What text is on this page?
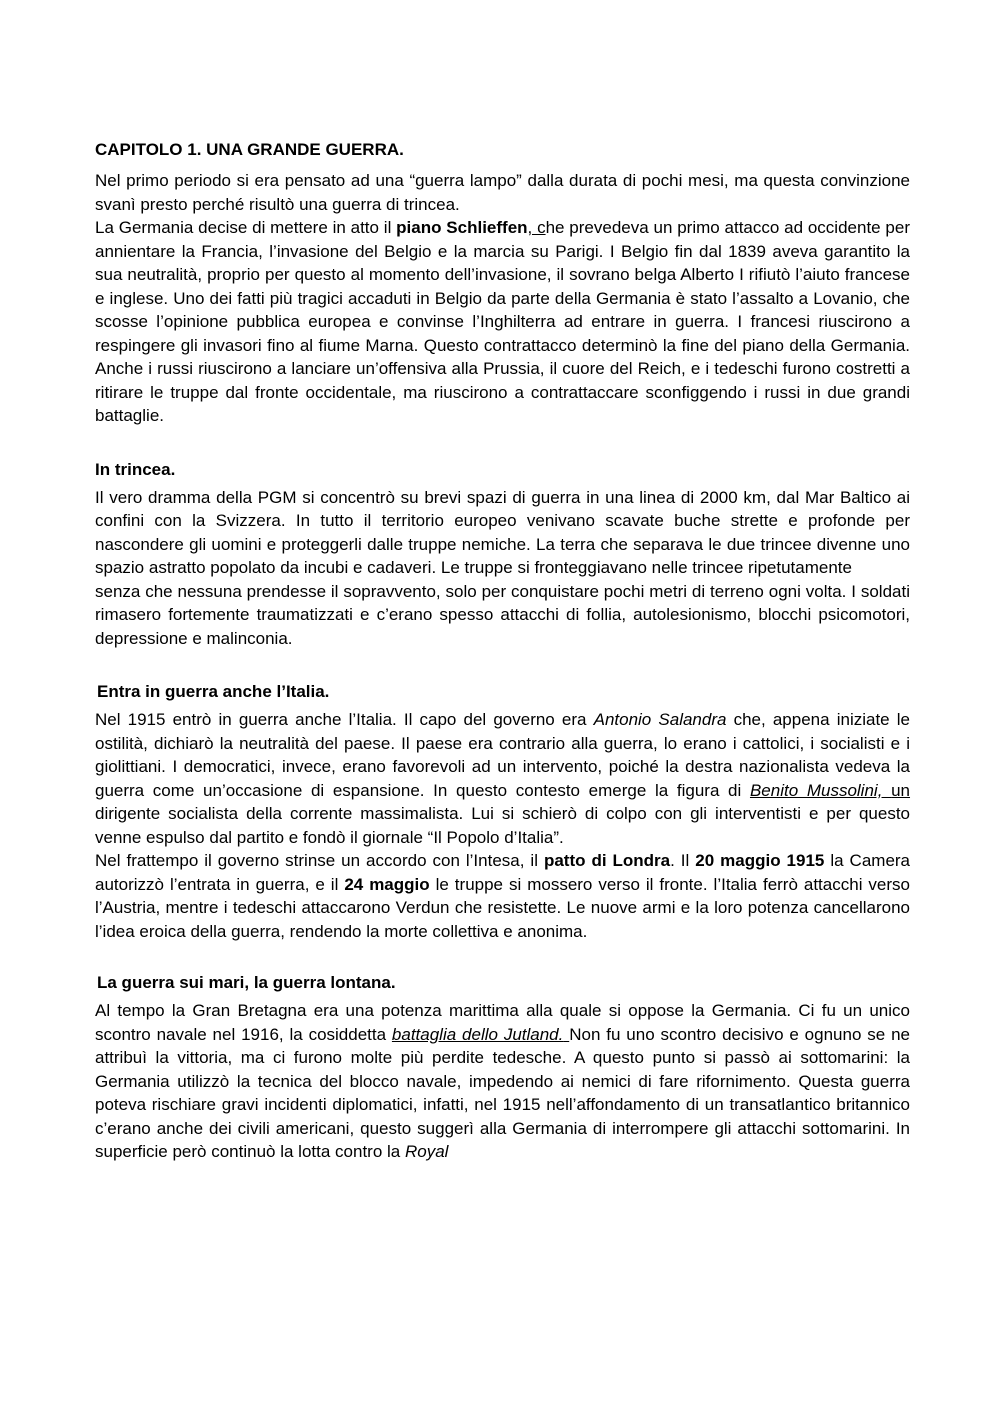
CAPITOLO 1. UNA GRANDE GUERRA.

Nel primo periodo si era pensato ad una “guerra lampo” dalla durata di pochi mesi, ma questa convinzione svanì presto perché risultò una guerra di trincea.

La Germania decise di mettere in atto il piano Schlieffen, che prevedeva un primo attacco ad occidente per annientare la Francia, l’invasione del Belgio e la marcia su Parigi. I Belgio fin dal 1839 aveva garantito la sua neutralità, proprio per questo al momento dell’invasione, il sovrano belga Alberto I rifiutò l’aiuto francese e inglese. Uno dei fatti più tragici accaduti in Belgio da parte della Germania è stato l’assalto a Lovanio, che scosse l’opinione pubblica europea e convinse l’Inghilterra ad entrare in guerra. I francesi riuscirono a respingere gli invasori fino al fiume Marna. Questo contrattacco determinò la fine del piano della Germania. Anche i russi riuscirono a lanciare un’offensiva alla Prussia, il cuore del Reich, e i tedeschi furono costretti a ritirare le truppe dal fronte occidentale, ma riuscirono a contrattaccare sconfiggendo i russi in due grandi battaglie.

In trincea.

Il vero dramma della PGM si concentrò su brevi spazi di guerra in una linea di 2000 km, dal Mar Baltico ai confini con la Svizzera. In tutto il territorio europeo venivano scavate buche strette e profonde per nascondere gli uomini e proteggerli dalle truppe nemiche. La terra che separava le due trincee divenne uno spazio astratto popolato da incubi e cadaveri. Le truppe si fronteggiavano nelle trincee ripetutamente

senza che nessuna prendesse il sopravvento, solo per conquistare pochi metri di terreno ogni volta. I soldati rimasero fortemente traumatizzati e c’erano spesso attacchi di follia, autolesionismo, blocchi psicomotori, depressione e malinconia.

Entra in guerra anche l’Italia.

Nel 1915 entrò in guerra anche l’Italia. Il capo del governo era Antonio Salandra che, appena iniziate le ostilità, dichiarò la neutralità del paese. Il paese era contrario alla guerra, lo erano i cattolici, i socialisti e i giolittiani. I democratici, invece, erano favorevoli ad un intervento, poiché la destra nazionalista vedeva la guerra come un’occasione di espansione. In questo contesto emerge la figura di Benito Mussolini, un dirigente socialista della corrente massimalista. Lui si schierò di colpo con gli interventisti e per questo venne espulso dal partito e fondò il giornale “Il Popolo d’Italia”.

Nel frattempo il governo strinse un accordo con l’Intesa, il patto di Londra. Il 20 maggio 1915 la Camera autorizzò l’entrata in guerra, e il 24 maggio le truppe si mossero verso il fronte. l’Italia ferrò attacchi verso l’Austria, mentre i tedeschi attaccarono Verdun che resistette. Le nuove armi e la loro potenza cancellarono l’idea eroica della guerra, rendendo la morte collettiva e anonima.

La guerra sui mari, la guerra lontana.

Al tempo la Gran Bretagna era una potenza marittima alla quale si oppose la Germania. Ci fu un unico scontro navale nel 1916, la cosiddetta battaglia dello Jutland. Non fu uno scontro decisivo e ognuno se ne attribuì la vittoria, ma ci furono molte più perdite tedesche. A questo punto si passò ai sottomarini: la Germania utilizzò la tecnica del blocco navale, impedendo ai nemici di fare rifornimento. Questa guerra poteva rischiare gravi incidenti diplomatici, infatti, nel 1915 nell’affondamento di un transatlantico britannico c’erano anche dei civili americani, questo suggerì alla Germania di interrompere gli attacchi sottomarini. In superficie però continuò la lotta contro la Royal
